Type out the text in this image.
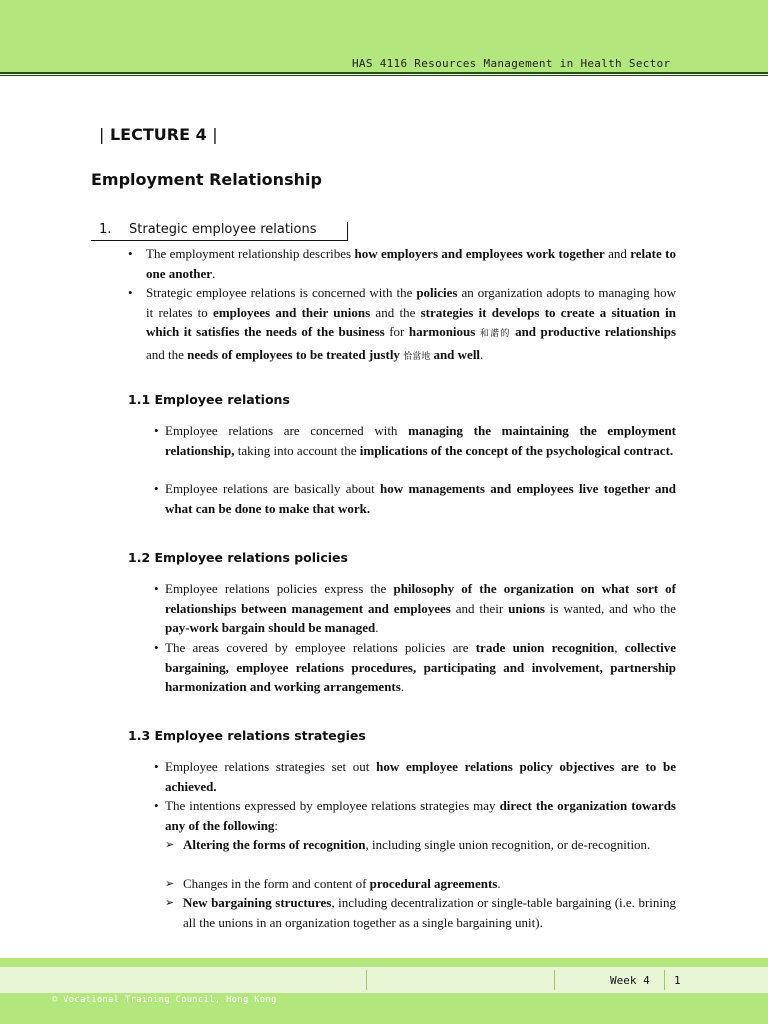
HAS 4116 Resources Management in Health Sector
| LECTURE 4 |
Employment Relationship
1. Strategic employee relations
• The employment relationship describes how employers and employees work together and relate to one another.

• Strategic employee relations is concerned with the policies an organization adopts to managing how it relates to employees and their unions and the strategies it develops to create a situation in which it satisfies the needs of the business for harmonious 和諧的 and productive relationships and the needs of employees to be treated justly 恰當地 and well.

1.1 Employee relations
• Employee relations are concerned with managing the maintaining the employment relationship, taking into account the implications of the concept of the psychological contract.

• Employee relations are basically about how managements and employees live together and what can be done to make that work.

1.2 Employee relations policies
• Employee relations policies express the philosophy of the organization on what sort of relationships between management and employees and their unions is wanted, and who the pay-work bargain should be managed.

• The areas covered by employee relations policies are trade union recognition, collective bargaining, employee relations procedures, participating and involvement, partnership harmonization and working arrangements.

1.3 Employee relations strategies
• Employee relations strategies set out how employee relations policy objectives are to be achieved.

• The intentions expressed by employee relations strategies may direct the organization towards any of the following:

➢ Altering the forms of recognition, including single union recognition, or de-recognition.

➢ Changes in the form and content of procedural agreements.

➢ New bargaining structures, including decentralization or single-table bargaining (i.e. brining all the unions in an organization together as a single bargaining unit).

Week 4 1
© Vocational Training Council, Hong Kong
